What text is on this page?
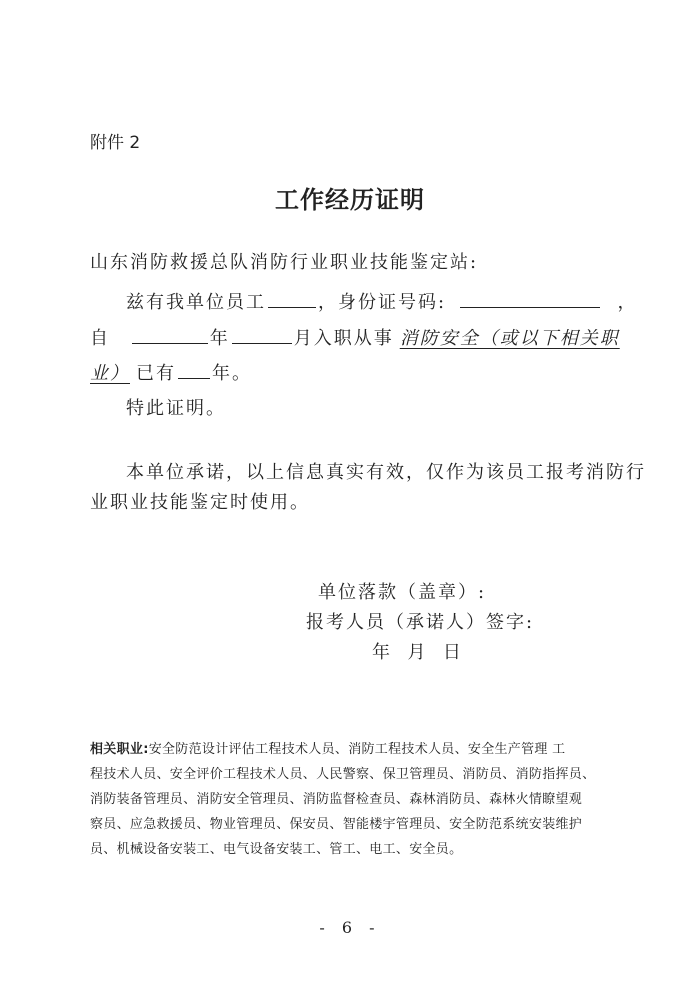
附件 2
工作经历证明
山东消防救援总队消防行业职业技能鉴定站:
兹有我单位员工	，身份证号码:	，
自	年	月入职从事 消防安全（或以下相关职
业） 已有 年。
特此证明。
本单位承诺，以上信息真实有效，仅作为该员工报考消防行
业职业技能鉴定时使用。
单位落款（盖章）:
报考人员（承诺人）签字:
年  月  日
相关职业:安全防范设计评估工程技术人员、消防工程技术人员、安全生产管理 工
程技术人员、安全评价工程技术人员、人民警察、保卫管理员、消防员、消防指挥员、
消防装备管理员、消防安全管理员、消防监督检查员、森林消防员、森林火情瞭望观
察员、应急救援员、物业管理员、保安员、智能楼宇管理员、安全防范系统安装维护
员、机械设备安装工、电气设备安装工、管工、电工、安全员。
- 6 -
